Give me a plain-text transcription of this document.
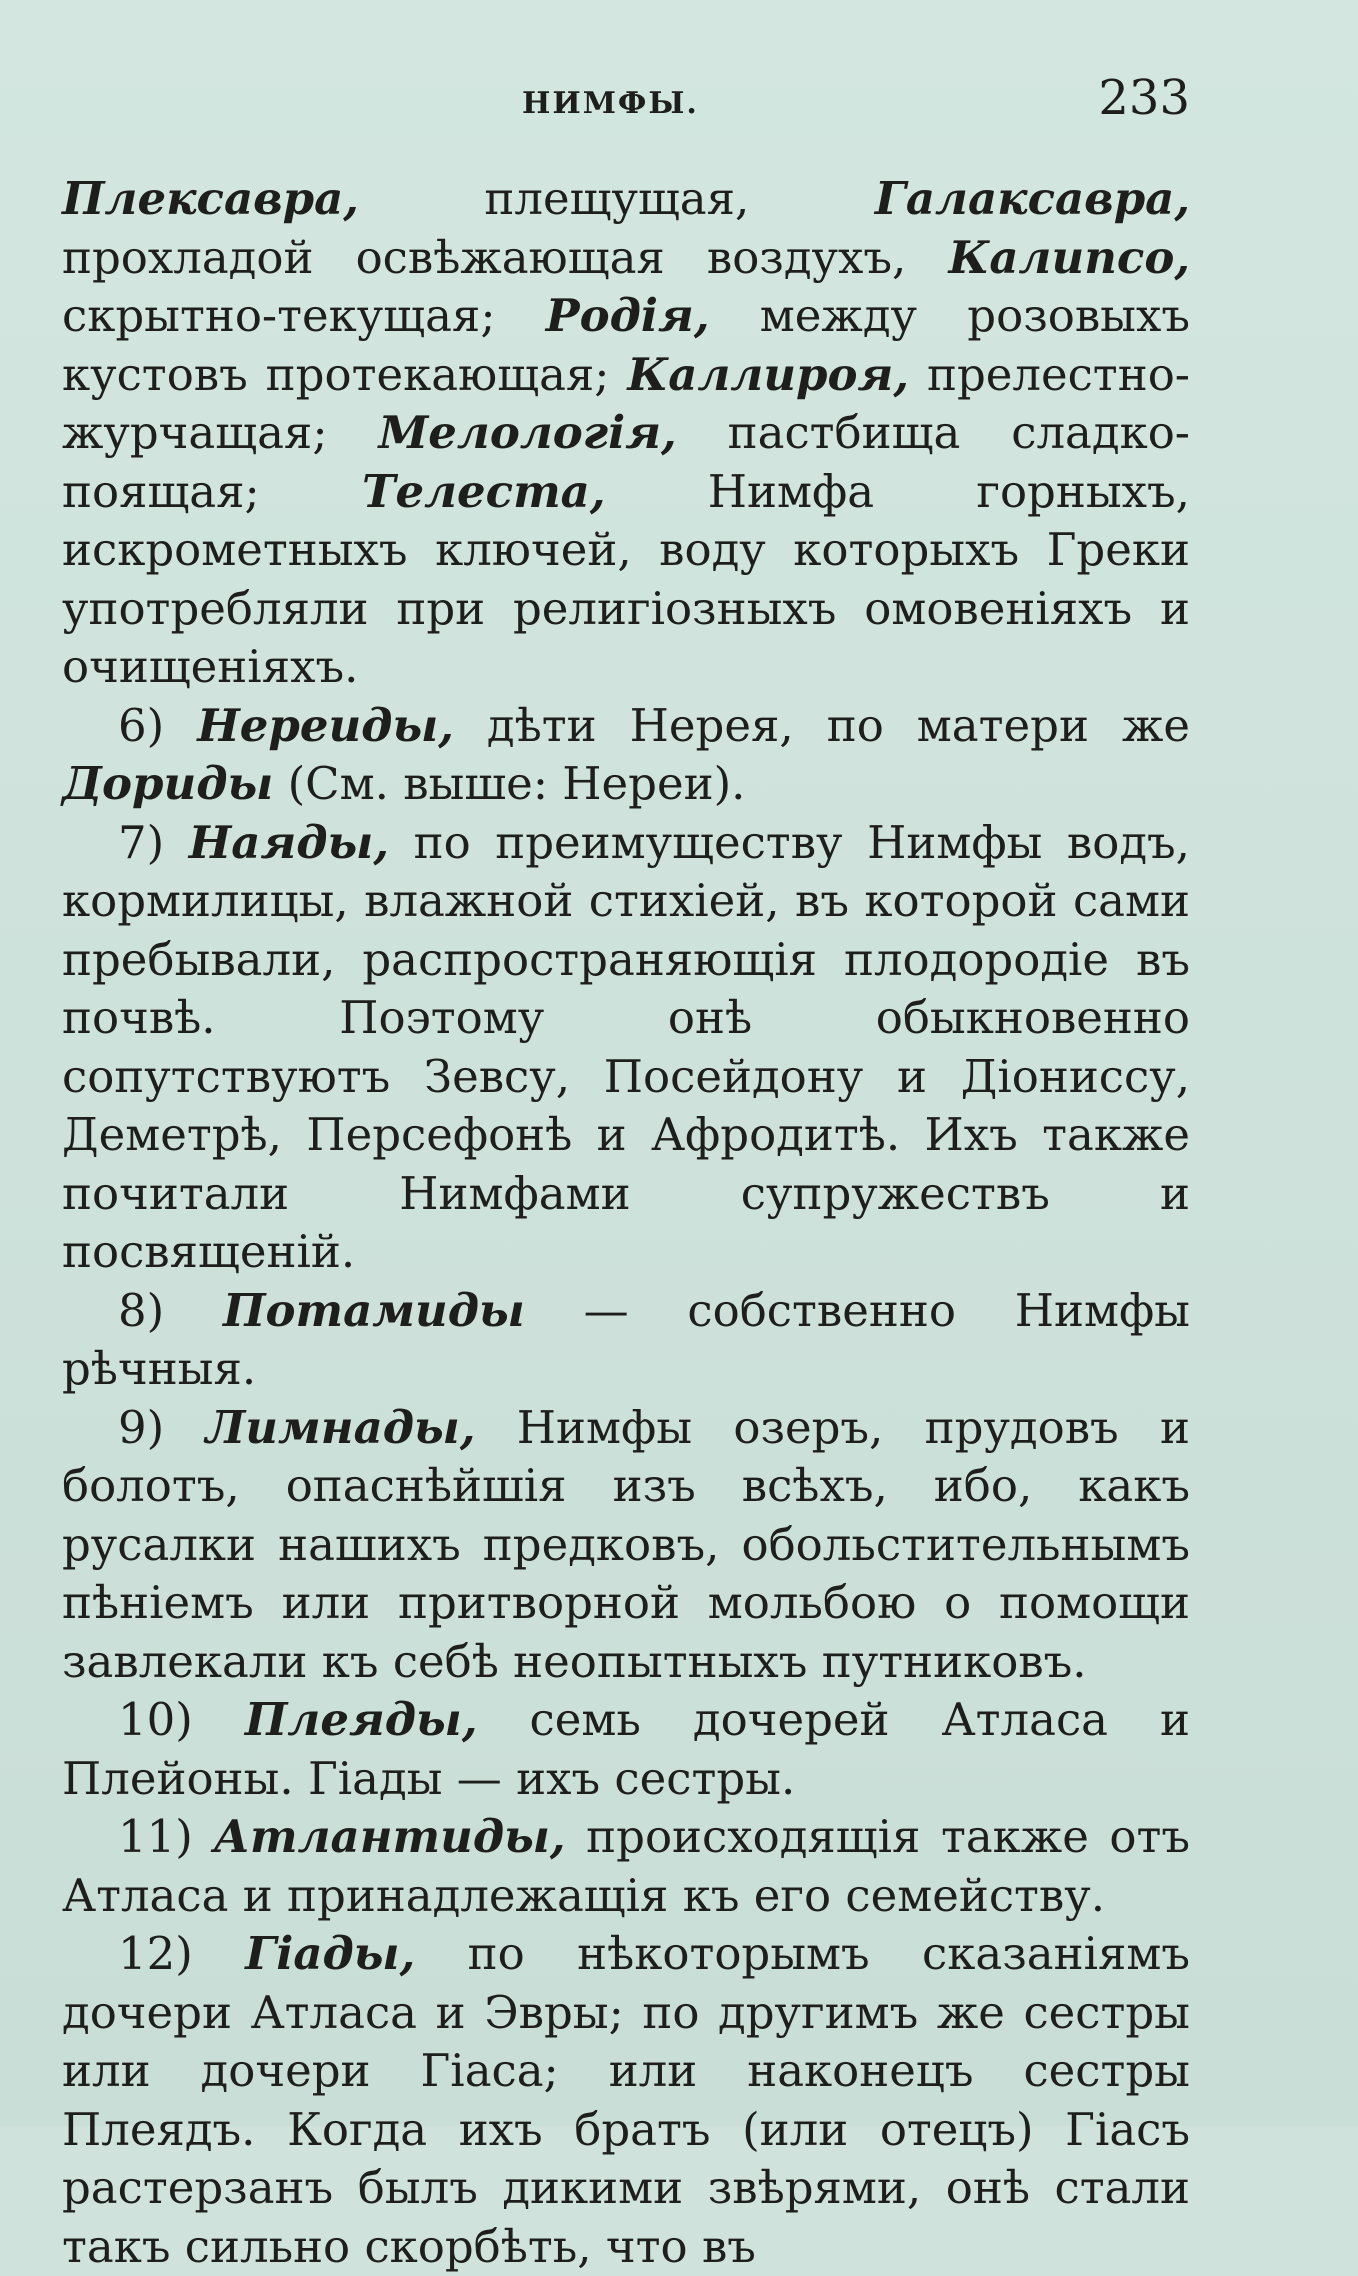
НИМФЫ.	233

Плексавра, плещущая, Галаксавра, прохладой освѣжающая воздухъ, Калипсо, скрытно-текущая; Родія, между розовыхъ кустовъ протекающая; Каллироя, прелестно-журчащая; Мелологія, пастбища сладко-поящая; Телеста, Нимфа горныхъ, искрометныхъ ключей, воду которыхъ Греки употребляли при религіозныхъ омовеніяхъ и очищеніяхъ.

6) Нереиды, дѣти Нерея, по матери же Дориды (См. выше: Нереи).

7) Наяды, по преимуществу Нимфы водъ, кормилицы, влажной стихіей, въ которой сами пребывали, распространяющія плодородіе въ почвѣ. Поэтому онѣ обыкновенно сопутствуютъ Зевсу, Посейдону и Діониссу, Деметрѣ, Персефонѣ и Афродитѣ. Ихъ также почитали Нимфами супружествъ и посвященій.

8) Потамиды — собственно Нимфы рѣчныя.

9) Лимнады, Нимфы озеръ, прудовъ и болотъ, опаснѣйшія изъ всѣхъ, ибо, какъ русалки нашихъ предковъ, обольстительнымъ пѣніемъ или притворной мольбою о помощи завлекали къ себѣ неопытныхъ путниковъ.

10) Плеяды, семь дочерей Атласа и Плейоны. Гіады — ихъ сестры.

11) Атлантиды, происходящія также отъ Атласа и принадлежащія къ его семейству.

12) Гіады, по нѣкоторымъ сказаніямъ дочери Атласа и Эвры; по другимъ же сестры или дочери Гіаса; или наконецъ сестры Плеядъ. Когда ихъ братъ (или отецъ) Гіасъ растерзанъ былъ дикими звѣрями, онѣ стали такъ сильно скорбѣть, что въ
